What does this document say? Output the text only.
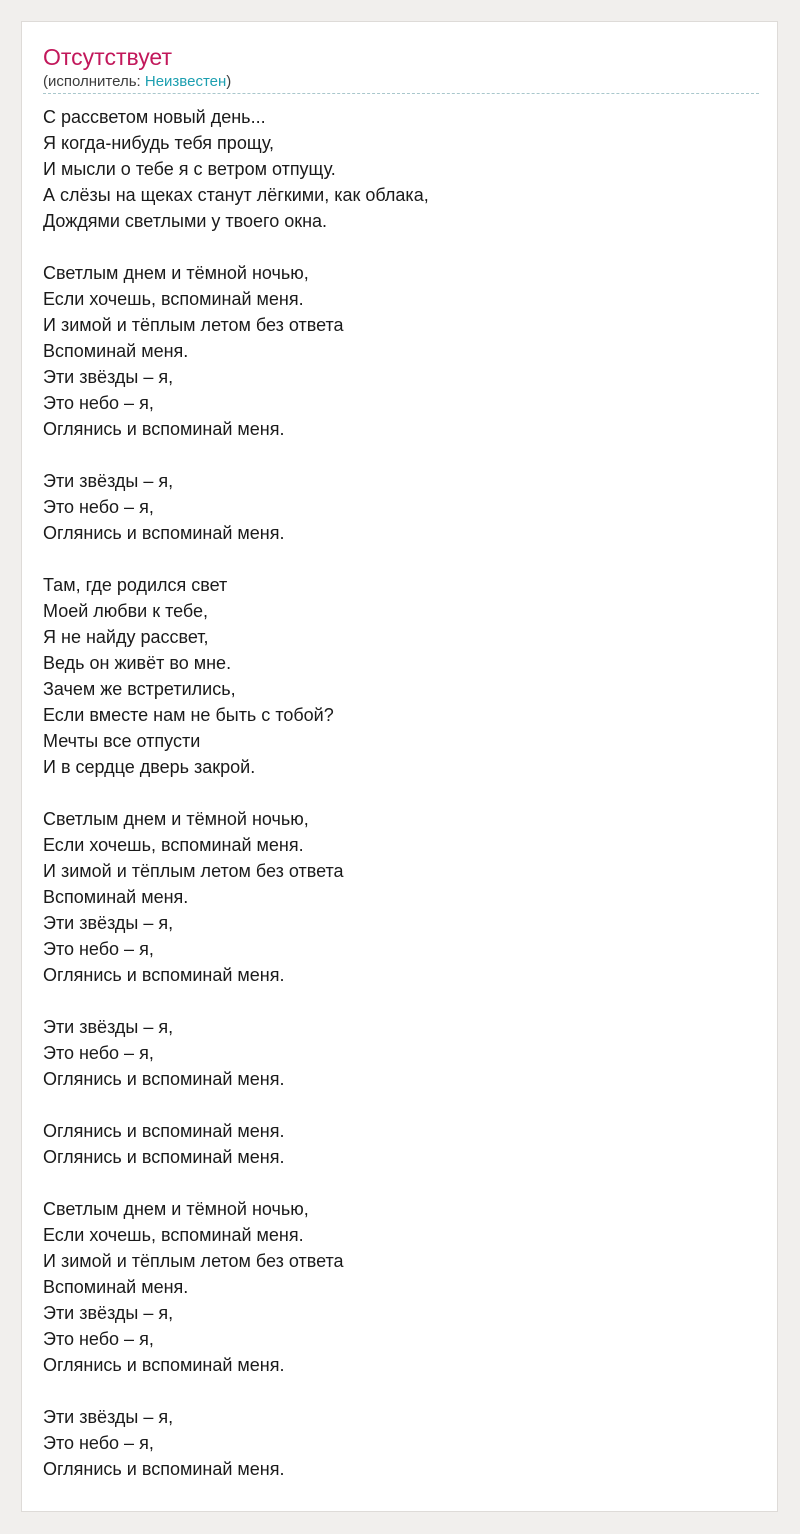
Отсутствует
(исполнитель: Неизвестен)
С рассветом новый день...
Я когда-нибудь тебя прощу,
И мысли о тебе я с ветром отпущу.
А слёзы на щеках станут лёгкими, как облака,
Дождями светлыми у твоего окна.
Светлым днем и тёмной ночью,
Если хочешь, вспоминай меня.
И зимой и тёплым летом без ответа
Вспоминай меня.
Эти звёзды – я,
Это небо – я,
Оглянись и вспоминай меня.
Эти звёзды – я,
Это небо – я,
Оглянись и вспоминай меня.
Там, где родился свет
Моей любви к тебе,
Я не найду рассвет,
Ведь он живёт во мне.
Зачем же встретились,
Если вместе нам не быть с тобой?
Мечты все отпусти
И в сердце дверь закрой.
Светлым днем и тёмной ночью,
Если хочешь, вспоминай меня.
И зимой и тёплым летом без ответа
Вспоминай меня.
Эти звёзды – я,
Это небо – я,
Оглянись и вспоминай меня.
Эти звёзды – я,
Это небо – я,
Оглянись и вспоминай меня.
Оглянись и вспоминай меня.
Оглянись и вспоминай меня.
Светлым днем и тёмной ночью,
Если хочешь, вспоминай меня.
И зимой и тёплым летом без ответа
Вспоминай меня.
Эти звёзды – я,
Это небо – я,
Оглянись и вспоминай меня.
Эти звёзды – я,
Это небо – я,
Оглянись и вспоминай меня.
